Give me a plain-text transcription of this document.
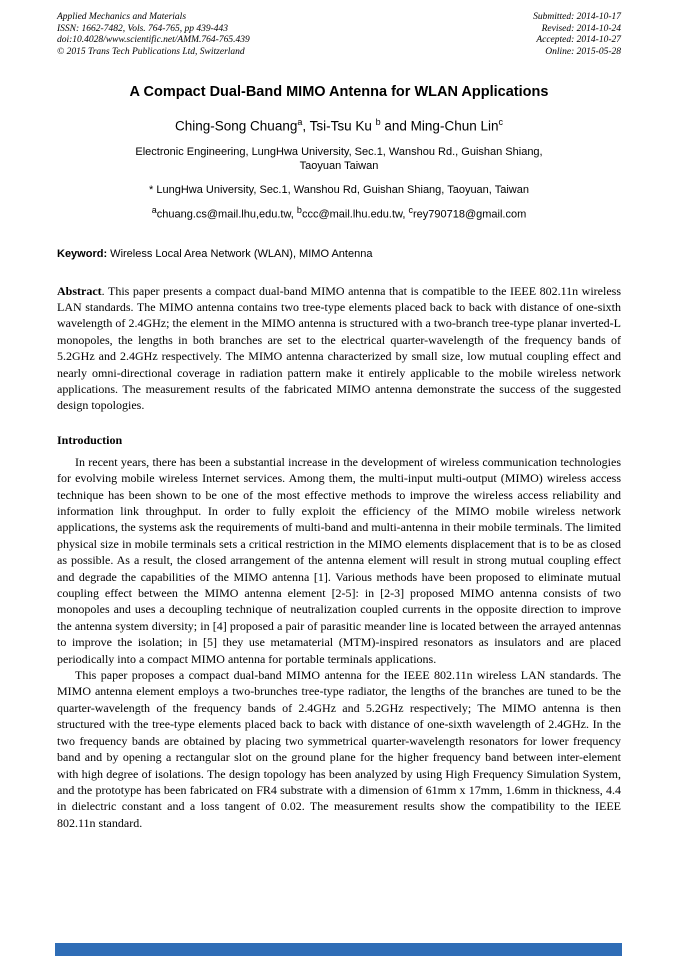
Applied Mechanics and Materials
ISSN: 1662-7482, Vols. 764-765, pp 439-443
doi:10.4028/www.scientific.net/AMM.764-765.439
© 2015 Trans Tech Publications Ltd, Switzerland
Submitted: 2014-10-17
Revised: 2014-10-24
Accepted: 2014-10-27
Online: 2015-05-28
A Compact Dual-Band MIMO Antenna for WLAN Applications

Ching-Song Chuang$^a$, Tsi-Tsu Ku $^b$ and Ming-Chun Lin$^c$

Electronic Engineering, LungHwa University, Sec.1, Wanshou Rd., Guishan Shiang,
Taoyuan Taiwan

* LungHwa University, Sec.1, Wanshou Rd, Guishan Shiang, Taoyuan, Taiwan

$^a$chuang.cs@mail.lhu,edu.tw, $^b$ccc@mail.lhu.edu.tw, $^c$rey790718@gmail.com

Keyword: Wireless Local Area Network (WLAN), MIMO Antenna

Abstract. This paper presents a compact dual-band MIMO antenna that is compatible to the IEEE 802.11n wireless LAN standards. The MIMO antenna contains two tree-type elements placed back to back with distance of one-sixth wavelength of 2.4GHz; the element in the MIMO antenna is structured with a two-branch tree-type planar inverted-L monopoles, the lengths in both branches are set to the electrical quarter-wavelength of the frequency bands of 5.2GHz and 2.4GHz respectively. The MIMO antenna characterized by small size, low mutual coupling effect and nearly omni-directional coverage in radiation pattern make it entirely applicable to the mobile wireless network applications. The measurement results of the fabricated MIMO antenna demonstrate the success of the suggested design topologies.

Introduction

In recent years, there has been a substantial increase in the development of wireless communication technologies for evolving mobile wireless Internet services. Among them, the multi-input multi-output (MIMO) wireless access technique has been shown to be one of the most effective methods to improve the wireless access reliability and information link throughput. In order to fully exploit the efficiency of the MIMO mobile wireless network applications, the systems ask the requirements of multi-band and multi-antenna in their mobile terminals. The limited physical size in mobile terminals sets a critical restriction in the MIMO elements displacement that is to be as closed as possible. As a result, the closed arrangement of the antenna element will result in strong mutual coupling effect and degrade the capabilities of the MIMO antenna [1]. Various methods have been proposed to eliminate mutual coupling effect between the MIMO antenna element [2-5]: in [2-3] proposed MIMO antenna consists of two monopoles and uses a decoupling technique of neutralization coupled currents in the opposite direction to improve the antenna system diversity; in [4] proposed a pair of parasitic meander line is located between the arrayed antennas to improve the isolation; in [5] they use metamaterial (MTM)-inspired resonators as insulators and are placed periodically into a compact MIMO antenna for portable terminals applications.

This paper proposes a compact dual-band MIMO antenna for the IEEE 802.11n wireless LAN standards. The MIMO antenna element employs a two-brunches tree-type radiator, the lengths of the branches are tuned to be the quarter-wavelength of the frequency bands of 2.4GHz and 5.2GHz respectively; The MIMO antenna is then structured with the tree-type elements placed back to back with distance of one-sixth wavelength of 2.4GHz. In the two frequency bands are obtained by placing two symmetrical quarter-wavelength resonators for lower frequency band and by opening a rectangular slot on the ground plane for the higher frequency band between inter-element with high degree of isolations. The design topology has been analyzed by using High Frequency Simulation System, and the prototype has been fabricated on FR4 substrate with a dimension of 61mm x 17mm, 1.6mm in thickness, 4.4 in dielectric constant and a loss tangent of 0.02. The measurement results show the compatibility to the IEEE 802.11n standard.
